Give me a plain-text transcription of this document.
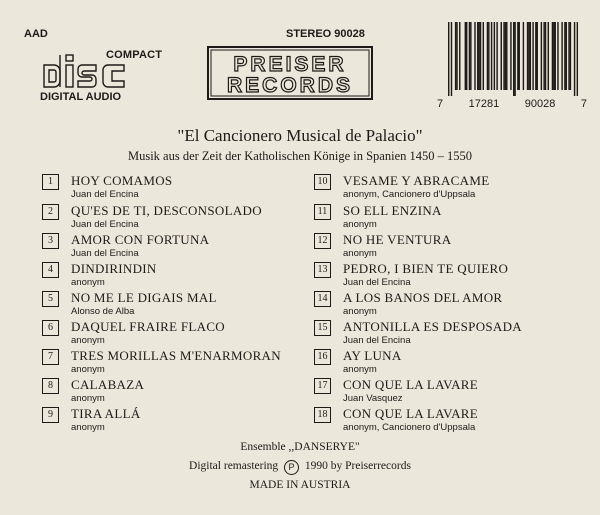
AAD	STEREO 90028
COMPACT
DIGITAL AUDIO
PREISER
RECORDS
7 17281 90028 7
"El Cancionero Musical de Palacio"
Musik aus der Zeit der Katholischen Könige in Spanien 1450 – 1550
1	HOY COMAMOS
Juan del Encina
2	QU'ES DE TI, DESCONSOLADO
Juan del Encina
3	AMOR CON FORTUNA
Juan del Encina
4	DINDIRINDIN
anonym
5	NO ME LE DIGAIS MAL
Alonso de Alba
6	DAQUEL FRAIRE FLACO
anonym
7	TRES MORILLAS M'ENARMORAN
anonym
8	CALABAZA
anonym
9	TIRA ALLÁ
anonym
10 VESAME Y ABRACAME
anonym, Cancionero d'Uppsala
11 SO ELL ENZINA
anonym
12 NO HE VENTURA
anonym
13 PEDRO, I BIEN TE QUIERO
Juan del Encina
14 A LOS BANOS DEL AMOR
anonym
15 ANTONILLA ES DESPOSADA
Juan del Encina
16 AY LUNA
anonym
17 CON QUE LA LAVARE
Juan Vasquez
18 CON QUE LA LAVARE
anonym, Cancionero d'Uppsala
Ensemble ,,DANSERYE"
Digital remastering P 1990 by Preiserrecords
MADE IN AUSTRIA
